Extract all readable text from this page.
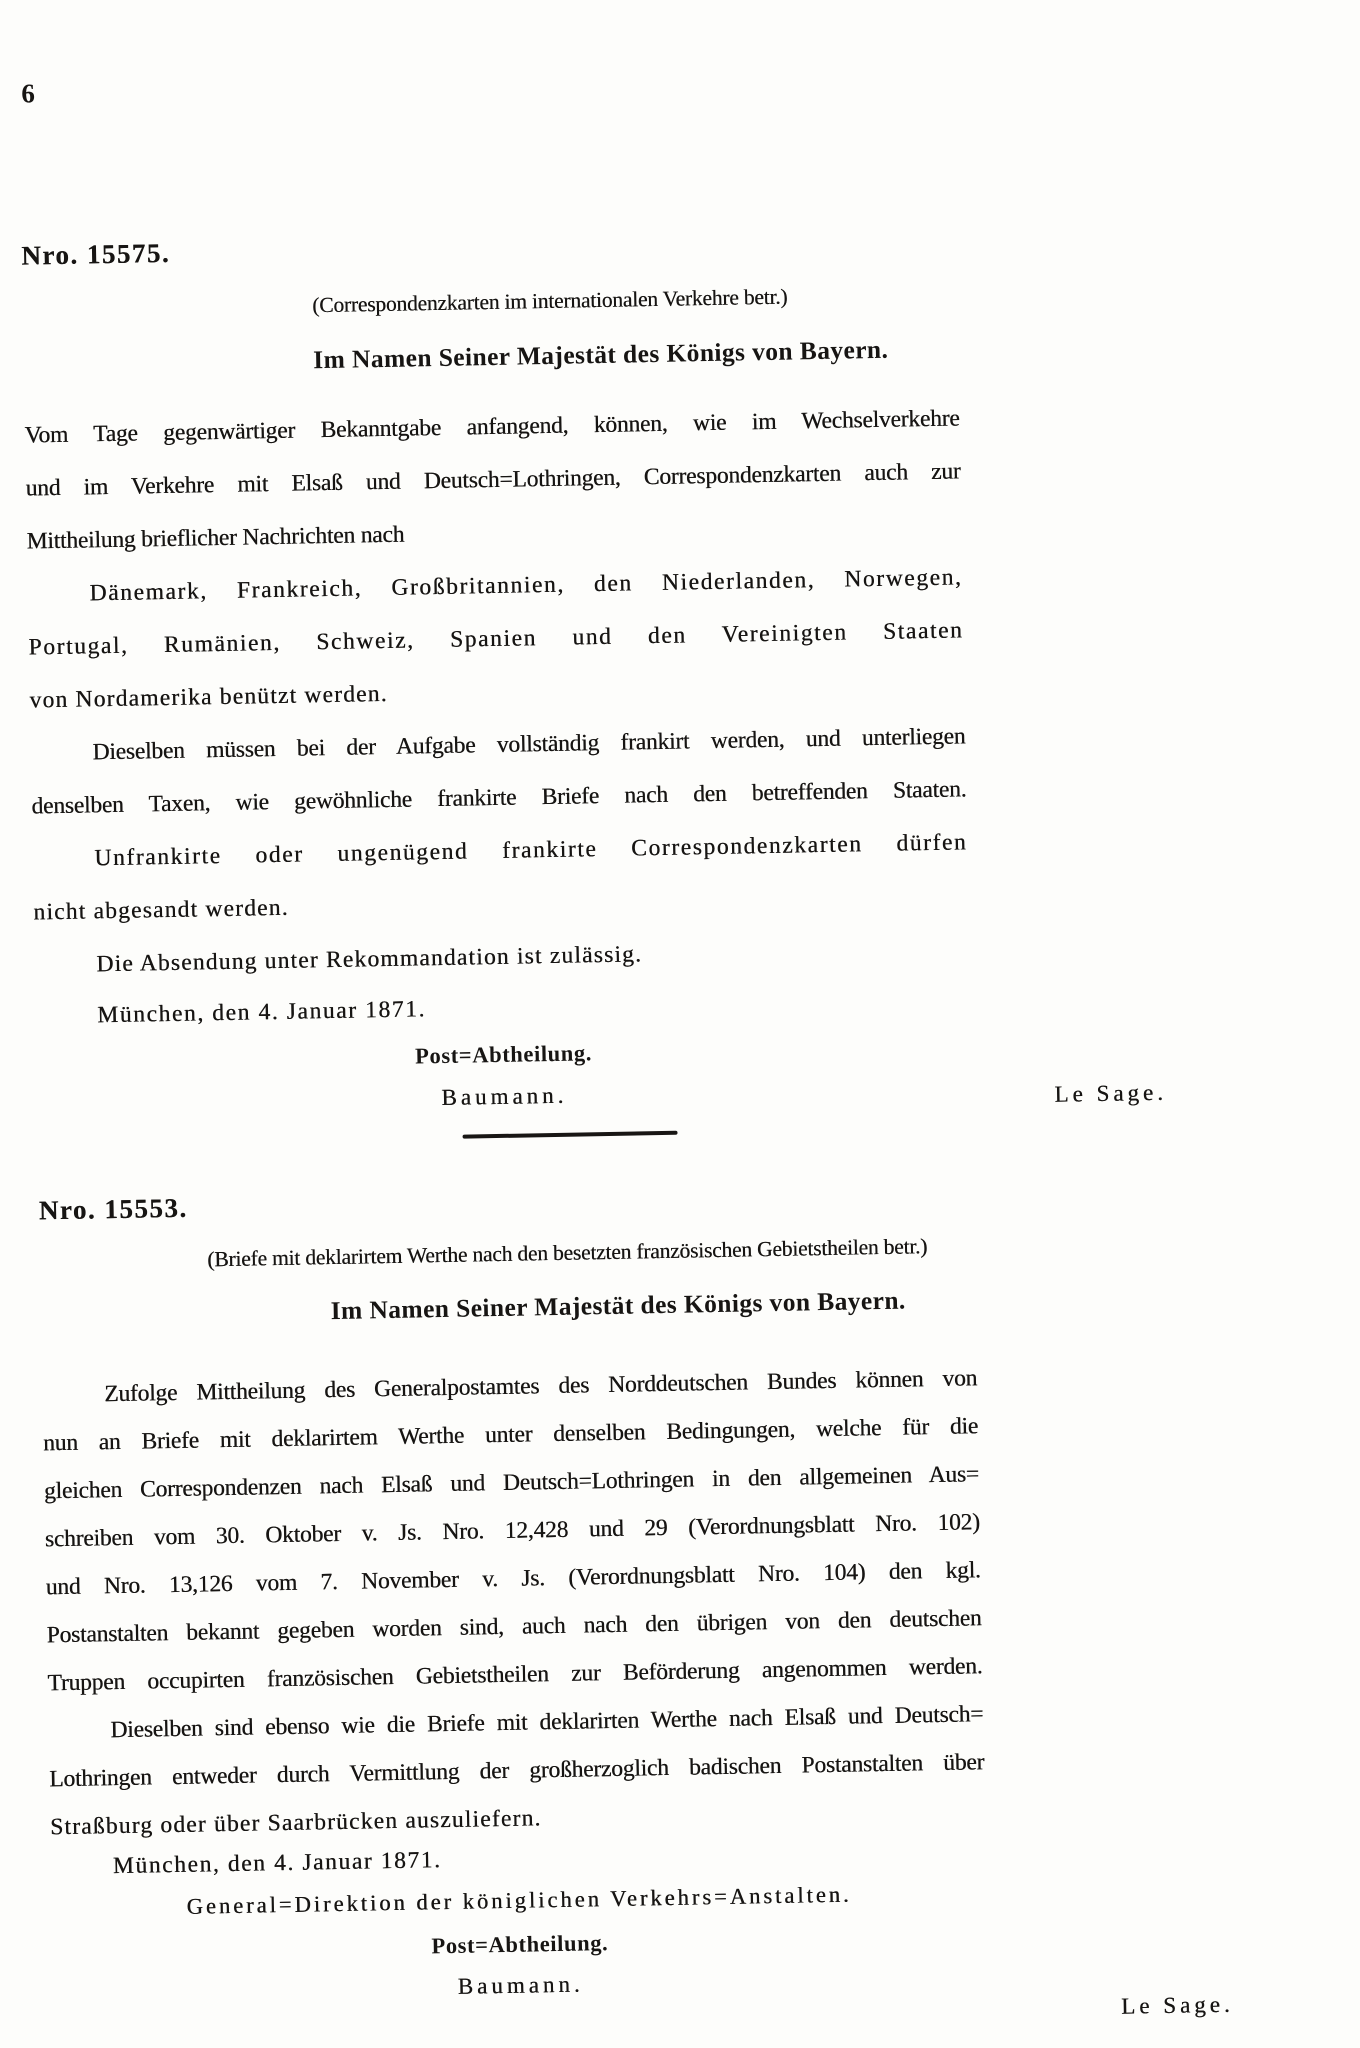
6
Nro. 15575.
(Correspondenzkarten im internationalen Verkehre betr.)
Im Namen Seiner Majestät des Königs von Bayern.
Vom Tage gegenwärtiger Bekanntgabe anfangend, können, wie im Wechselverkehre
und im Verkehre mit Elsaß und Deutsch=Lothringen, Correspondenzkarten auch zur
Mittheilung brieflicher Nachrichten nach
Dänemark, Frankreich, Großbritannien, den Niederlanden, Norwegen,
Portugal, Rumänien, Schweiz, Spanien und den Vereinigten Staaten
von Nordamerika benützt werden.
Dieselben müssen bei der Aufgabe vollständig frankirt werden, und unterliegen
denselben Taxen, wie gewöhnliche frankirte Briefe nach den betreffenden Staaten.
Unfrankirte oder ungenügend frankirte Correspondenzkarten dürfen
nicht abgesandt werden.
Die Absendung unter Rekommandation ist zulässig.
München, den 4. Januar 1871.
Post=Abtheilung.
Baumann.	Le Sage.
Nro. 15553.
(Briefe mit deklarirtem Werthe nach den besetzten französischen Gebietstheilen betr.)
Im Namen Seiner Majestät des Königs von Bayern.
Zufolge Mittheilung des Generalpostamtes des Norddeutschen Bundes können von
nun an Briefe mit deklarirtem Werthe unter denselben Bedingungen, welche für die
gleichen Correspondenzen nach Elsaß und Deutsch=Lothringen in den allgemeinen Aus=
schreiben vom 30. Oktober v. Js. Nro. 12,428 und 29 (Verordnungsblatt Nro. 102)
und Nro. 13,126 vom 7. November v. Js. (Verordnungsblatt Nro. 104) den kgl.
Postanstalten bekannt gegeben worden sind, auch nach den übrigen von den deutschen
Truppen occupirten französischen Gebietstheilen zur Beförderung angenommen werden.
Dieselben sind ebenso wie die Briefe mit deklarirten Werthe nach Elsaß und Deutsch=
Lothringen entweder durch Vermittlung der großherzoglich badischen Postanstalten über
Straßburg oder über Saarbrücken auszuliefern.
München, den 4. Januar 1871.
General=Direktion der königlichen Verkehrs=Anstalten.
Post=Abtheilung.
Baumann.
Le Sage.
